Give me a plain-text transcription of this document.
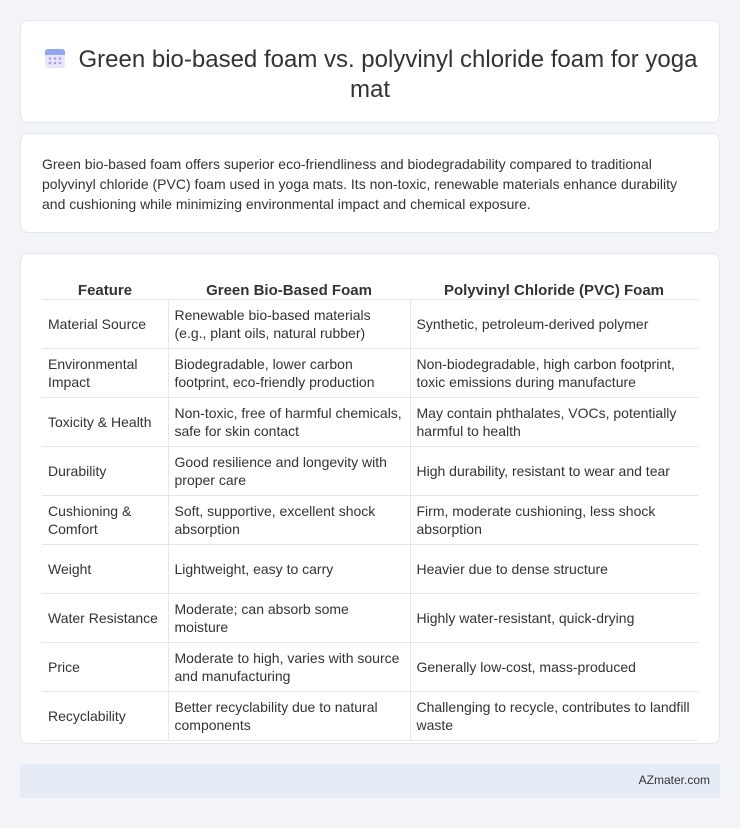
Green bio-based foam vs. polyvinyl chloride foam for yoga mat

Green bio-based foam offers superior eco-friendliness and biodegradability compared to traditional polyvinyl chloride (PVC) foam used in yoga mats. Its non-toxic, renewable materials enhance durability and cushioning while minimizing environmental impact and chemical exposure.

Feature	Green Bio-Based Foam	Polyvinyl Chloride (PVC) Foam
Material Source	Renewable bio-based materials (e.g., plant oils, natural rubber)	Synthetic, petroleum-derived polymer
Environmental Impact	Biodegradable, lower carbon footprint, eco-friendly production	Non-biodegradable, high carbon footprint, toxic emissions during manufacture
Toxicity & Health	Non-toxic, free of harmful chemicals, safe for skin contact	May contain phthalates, VOCs, potentially harmful to health
Durability	Good resilience and longevity with proper care	High durability, resistant to wear and tear
Cushioning & Comfort	Soft, supportive, excellent shock absorption	Firm, moderate cushioning, less shock absorption
Weight	Lightweight, easy to carry	Heavier due to dense structure
Water Resistance	Moderate; can absorb some moisture	Highly water-resistant, quick-drying
Price	Moderate to high, varies with source and manufacturing	Generally low-cost, mass-produced
Recyclability	Better recyclability due to natural components	Challenging to recycle, contributes to landfill waste
AZmater.com
